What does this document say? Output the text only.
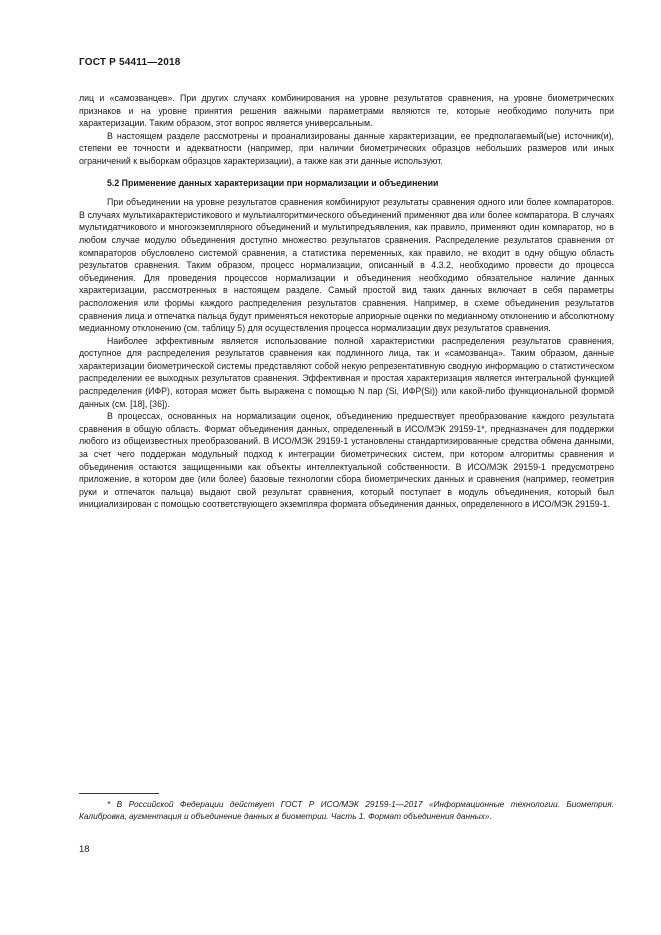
ГОСТ Р 54411—2018

лиц и «самозванцев». При других случаях комбинирования на уровне результатов сравнения, на уровне биометрических признаков и на уровне принятия решения важными параметрами являются те, которые необходимо получить при характеризации. Таким образом, этот вопрос является универсальным.

В настоящем разделе рассмотрены и проанализированы данные характеризации, ее предполагаемый(ые) источник(и), степени ее точности и адекватности (например, при наличии биометрических образцов небольших размеров или иных ограничений к выборкам образцов характеризации), а также как эти данные используют.

5.2 Применение данных характеризации при нормализации и объединении

При объединении на уровне результатов сравнения комбинируют результаты сравнения одного или более компараторов. В случаях мультихарактеристикового и мультиалгоритмического объединений применяют два или более компаратора. В случаях мультидатчикового и многоэкземплярного объединений и мультипредъявления, как правило, применяют один компаратор, но в любом случае модулю объединения доступно множество результатов сравнения. Распределение результатов сравнения от компараторов обусловлено системой сравнения, а статистика переменных, как правило, не входит в одну общую область результатов сравнения. Таким образом, процесс нормализации, описанный в 4.3.2, необходимо провести до процесса объединения. Для проведения процессов нормализации и объединения необходимо обязательное наличие данных характеризации, рассмотренных в настоящем разделе. Самый простой вид таких данных включает в себя параметры расположения или формы каждого распределения результатов сравнения. Например, в схеме объединения результатов сравнения лица и отпечатка пальца будут применяться некоторые априорные оценки по медианному отклонению и абсолютному медианному отклонению (см. таблицу 5) для осуществления процесса нормализации двух результатов сравнения.

Наиболее эффективным является использование полной характеристики распределения результатов сравнения, доступное для распределения результатов сравнения как подлинного лица, так и «самозванца». Таким образом, данные характеризации биометрической системы представляют собой некую репрезентативную сводную информацию о статистическом распределении ее выходных результатов сравнения. Эффективная и простая характеризация является интегральной функцией распределения (ИФР), которая может быть выражена с помощью N пар (Si, ИФР(Si)) или какой-либо функциональной формой данных (см. [18], [36]).

В процессах, основанных на нормализации оценок, объединению предшествует преобразование каждого результата сравнения в общую область. Формат объединения данных, определенный в ИСО/МЭК 29159-1*, предназначен для поддержки любого из общеизвестных преобразований. В ИСО/МЭК 29159-1 установлены стандартизированные средства обмена данными, за счет чего поддержан модульный подход к интеграции биометрических систем, при котором алгоритмы сравнения и объединения остаются защищенными как объекты интеллектуальной собственности. В ИСО/МЭК 29159-1 предусмотрено приложение, в котором две (или более) базовые технологии сбора биометрических данных и сравнения (например, геометрия руки и отпечаток пальца) выдают свой результат сравнения, который поступает в модуль объединения, который был инициализирован с помощью соответствующего экземпляра формата объединения данных, определенного в ИСО/МЭК 29159-1.

* В Российской Федерации действует ГОСТ Р ИСО/МЭК 29159-1—2017 «Информационные технологии. Биометрия. Калибровка, аугментация и объединение данных в биометрии. Часть 1. Формат объединения данных».
18
